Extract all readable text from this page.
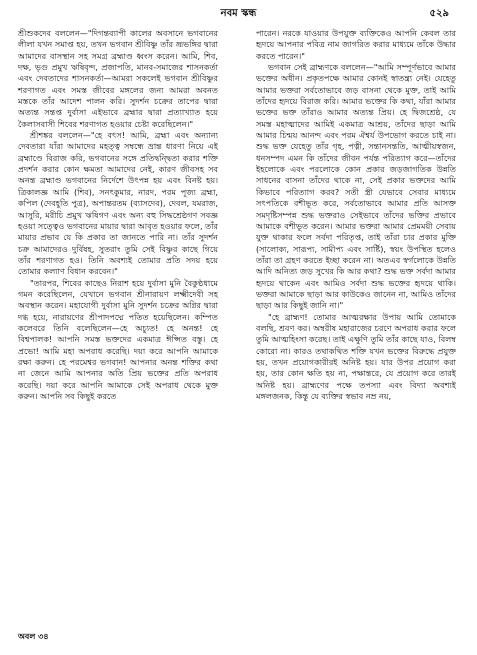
নবম স্কন্ধ	৫২৯

শ্রীশুকদেব বললেন—"দিগন্তব্যাপী কালের অবসানে ভগবানের লীলা যখন সমাপ্ত হয়, তখন ভগবান শ্রীবিষ্ণু তাঁর ভ্রূভঙ্গির দ্বারা আমাদের বাসস্থান সহ সমগ্র ব্রহ্মাণ্ড ধ্বংস করেন। আমি, শিব, দক্ষ, ভৃগু প্রমুখ ঋষিবৃন্দ, প্রজাপতি, মানব-সমাজের শাসনকর্তা এবং দেবতাদের শাসনকর্তা—আমরা সকলেই ভগবান শ্রীবিষ্ণুর শরণাগত এবং সমস্ত জীবের মঙ্গলের জন্য আমরা অবনত মস্তকে তাঁর আদেশ পালন করি। সুদর্শন চক্রের তাপের দ্বারা অত্যন্ত সন্তপ্ত দুর্বাসা এইভাবে ব্রহ্মার দ্বারা প্রত্যাখ্যাত হয়ে কৈলাসবাসী শিবের শরণাগত হওয়ার চেষ্টা করেছিলেন।"

শ্রীশঙ্কর বললেন—"হে বৎস! আমি, ব্রহ্মা এবং অন্যান্য দেবতারা যাঁরা আমাদের মহত্ত্ব সম্বন্ধে ভ্রান্ত ধারণা নিয়ে এই ব্রহ্মাণ্ডে বিরাজ করি, ভগবানের সঙ্গে প্রতিদ্বন্দ্বিতা করার শক্তি প্রদর্শন করার কোন ক্ষমতা আমাদের নেই, কারণ জীবসহ সব অনন্ত ব্রহ্মাণ্ড ভগবানের নির্দেশে উৎপন্ন হয় এবং বিনষ্ট হয়। ত্রিকালজ্ঞ আমি (শিব), সনৎকুমার, নারদ, পরম পূজ্য ব্রহ্মা, কপিল (দেবহূতি পুত্র), অপান্তরতম (ব্যাসদেব), দেবল, যমরাজ, আসুরি, মরীচি প্রমুখ ঋষিগণ এবং অন্য বহু সিদ্ধশ্রেষ্ঠগণ সবজ্ঞ হওয়া সত্ত্বেও ভগবানের মায়ার দ্বারা আবৃত হওয়ার ফলে, তাঁর মায়ার প্রভাব যে কি প্রকার তা জানতে পারি না। তাঁর সুদর্শন চক্র আমাদেরও দুর্বিষহ, সুতরাং তুমি সেই বিষ্ণুর কাছে গিয়ে তাঁর শরণাগত হও। তিনি অবশ্যই তোমার প্রতি সদয় হয়ে তোমার কল্যাণ বিধান করবেন।"

"তারপর, শিবের কাছেও নিরাশ হয়ে দুর্বাসা মুনি বৈকুণ্ঠধামে গমন করেছিলেন, যেখানে ভগবান শ্রীনারায়ণ লক্ষ্মীদেবী সহ অবস্থান করেন। মহাযোগী দুর্বাসা মুনি সুদর্শন চক্রের অগ্নির দ্বারা দগ্ধ হয়ে, নারায়ণের শ্রীপাদপদ্মে পতিত হয়েছিলেন। কম্পিত কলেবরে তিনি বলেছিলেন—হে অচ্যুত! হে অনন্ত! হে বিশ্বপালক! আপনি সমস্ত ভক্তদের একমাত্র ঈপ্সিত বস্তু। হে প্রভো! আমি মহা অপরাধ করেছি। দয়া করে আপনি আমাকে রক্ষা করুন। হে পরমেশ্বর ভগবান! আপনার অনন্ত শক্তির কথা না জেনে আমি আপনার অতি প্রিয় ভক্তের প্রতি অপরাধ করেছি। দয়া করে আপনি আমাকে সেই অপরাধ থেকে মুক্ত করুন। আপনি সব কিছুই করতে

পারেন। নরকে যাওয়ার উপযুক্ত ব্যক্তিকেও আপনি কেবল তার হৃদয়ে আপনার পবিত্র নাম জাগরিত করার মাধ্যমে তাঁকে উদ্ধার করতে পারেন।"

ভগবান সেই ব্রাহ্মণকে বললেন—"আমি সম্পূর্ণভাবে আমার ভক্তের অধীন। প্রকৃতপক্ষে আমার কোনই স্বাতন্ত্র্য নেই। যেহেতু আমার ভক্তরা সর্বতোভাবে জড় বাসনা থেকে মুক্ত, তাই আমি তাঁদের হৃদয়ে বিরাজ করি। আমার ভক্তের কি কথা, যাঁরা আমার ভক্তের ভক্ত তাঁরাও আমার অত্যন্ত প্রিয়। হে দ্বিজশ্রেষ্ঠ, যে সমস্ত মহাত্মাদের আমিই একমাত্র আশ্রয়, তাঁদের ছাড়া আমি আমার চিন্ময় আনন্দ এবং পরম ঐশ্বর্য উপভোগ করতে চাই না। শুদ্ধ ভক্ত যেহেতু তাঁর গৃহ, পত্নী, সন্তানসন্ততি, আত্মীয়স্বজন, ধনসম্পদ এমন কি তাঁদের জীবন পর্যন্ত পরিত্যাগ করে—তাঁদের ইহলোকে এবং পরলোকে কোন প্রকার জড়জাগতিক উন্নতি সাধনের বাসনা তাঁদের থাকে না, সেই প্রকার ভক্তদের আমি কিভাবে পরিত্যাগ করব? সতী স্ত্রী যেভাবে সেবার মাধ্যমে সৎপতিকে বশীভূত করে, সর্বতোভাবে আমার প্রতি আসক্ত সমদৃষ্টিসম্পন্ন শুদ্ধ ভক্তরাও সেইভাবে তাঁদের ভক্তির প্রভাবে আমাকে বশীভূত করেন। আমার ভক্তরা আমার প্রেমময়ী সেবায় যুক্ত থাকার ফলে সর্বদা পরিতৃপ্ত, তাই তাঁরা চার প্রকার মুক্তি (সালোক্য, সারূপ্য, সামীপ্য এবং সার্ষ্টি), স্বয়ং উপস্থিত হলেও তাঁরা তা গ্রহণ করতে ইচ্ছা করেন না। অতএব স্বর্গলোকে উন্নতি আদি অনিত্য জড় সুখের কি আর কথা? শুদ্ধ ভক্ত সর্বদা আমার হৃদয়ে থাকেন এবং আমিও সর্বদা শুদ্ধ ভক্তের হৃদয়ে থাকি। ভক্তরা আমাকে ছাড়া আর কাউকেও জানেন না, আমিও তাঁদের ছাড়া আর কিছুই জানি না।"

"হে ব্রাহ্মণ! তোমার আত্মরক্ষার উপায় আমি তোমাকে বলছি, শ্রবণ কর। অম্বরীষ মহারাজের চরণে অপরাধ করার ফলে তুমি আত্মহিংসা করেছ। তাই এক্ষুণি তুমি তাঁর কাছে যাও, বিলম্ব কোরো না। কারও তথাকথিত শক্তি যখন ভক্তের বিরুদ্ধে প্রযুক্ত হয়, তখন প্রয়োগকারীরই অনিষ্ট হয়। যার উপর প্রয়োগ করা হয়, তার কোন ক্ষতি হয় না, পক্ষান্তরে, যে প্রয়োগ করে তারই অনিষ্ট হয়। ব্রাহ্মণের পক্ষে তপস্যা এবং বিদ্যা অবশ্যই মঙ্গলজনক, কিন্তু যে ব্যক্তির স্বভাব নম্র নয়,

অবল ৩৪
